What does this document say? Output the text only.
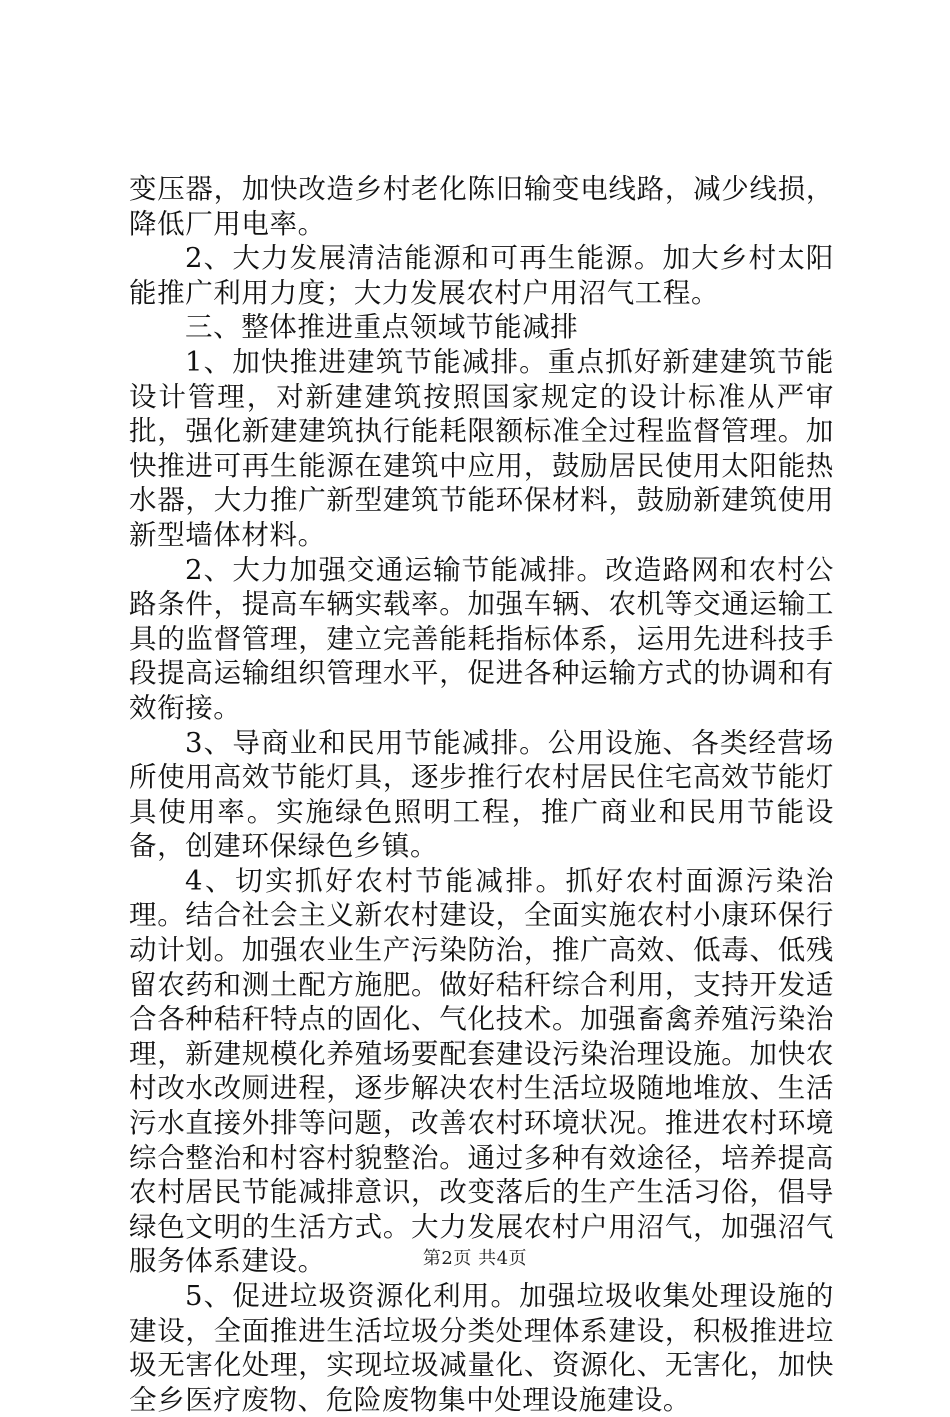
变压器，加快改造乡村老化陈旧输变电线路，减少线损，降低厂用电率。

2、大力发展清洁能源和可再生能源。加大乡村太阳能推广利用力度；大力发展农村户用沼气工程。

三、整体推进重点领域节能减排

1、加快推进建筑节能减排。重点抓好新建建筑节能设计管理，对新建建筑按照国家规定的设计标准从严审批，强化新建建筑执行能耗限额标准全过程监督管理。加快推进可再生能源在建筑中应用，鼓励居民使用太阳能热水器，大力推广新型建筑节能环保材料，鼓励新建筑使用新型墙体材料。

2、大力加强交通运输节能减排。改造路网和农村公路条件，提高车辆实载率。加强车辆、农机等交通运输工具的监督管理，建立完善能耗指标体系，运用先进科技手段提高运输组织管理水平，促进各种运输方式的协调和有效衔接。

3、导商业和民用节能减排。公用设施、各类经营场所使用高效节能灯具，逐步推行农村居民住宅高效节能灯具使用率。实施绿色照明工程，推广商业和民用节能设备，创建环保绿色乡镇。

4、切实抓好农村节能减排。抓好农村面源污染治理。结合社会主义新农村建设，全面实施农村小康环保行动计划。加强农业生产污染防治，推广高效、低毒、低残留农药和测土配方施肥。做好秸秆综合利用，支持开发适合各种秸秆特点的固化、气化技术。加强畜禽养殖污染治理，新建规模化养殖场要配套建设污染治理设施。加快农村改水改厕进程，逐步解决农村生活垃圾随地堆放、生活污水直接外排等问题，改善农村环境状况。推进农村环境综合整治和村容村貌整治。通过多种有效途径，培养提高农村居民节能减排意识，改变落后的生产生活习俗，倡导绿色文明的生活方式。大力发展农村户用沼气，加强沼气服务体系建设。

5、促进垃圾资源化利用。加强垃圾收集处理设施的建设，全面推进生活垃圾分类处理体系建设，积极推进垃圾无害化处理，实现垃圾减量化、资源化、无害化，加快全乡医疗废物、危险废物集中处理设施建设。

第2页 共4页
